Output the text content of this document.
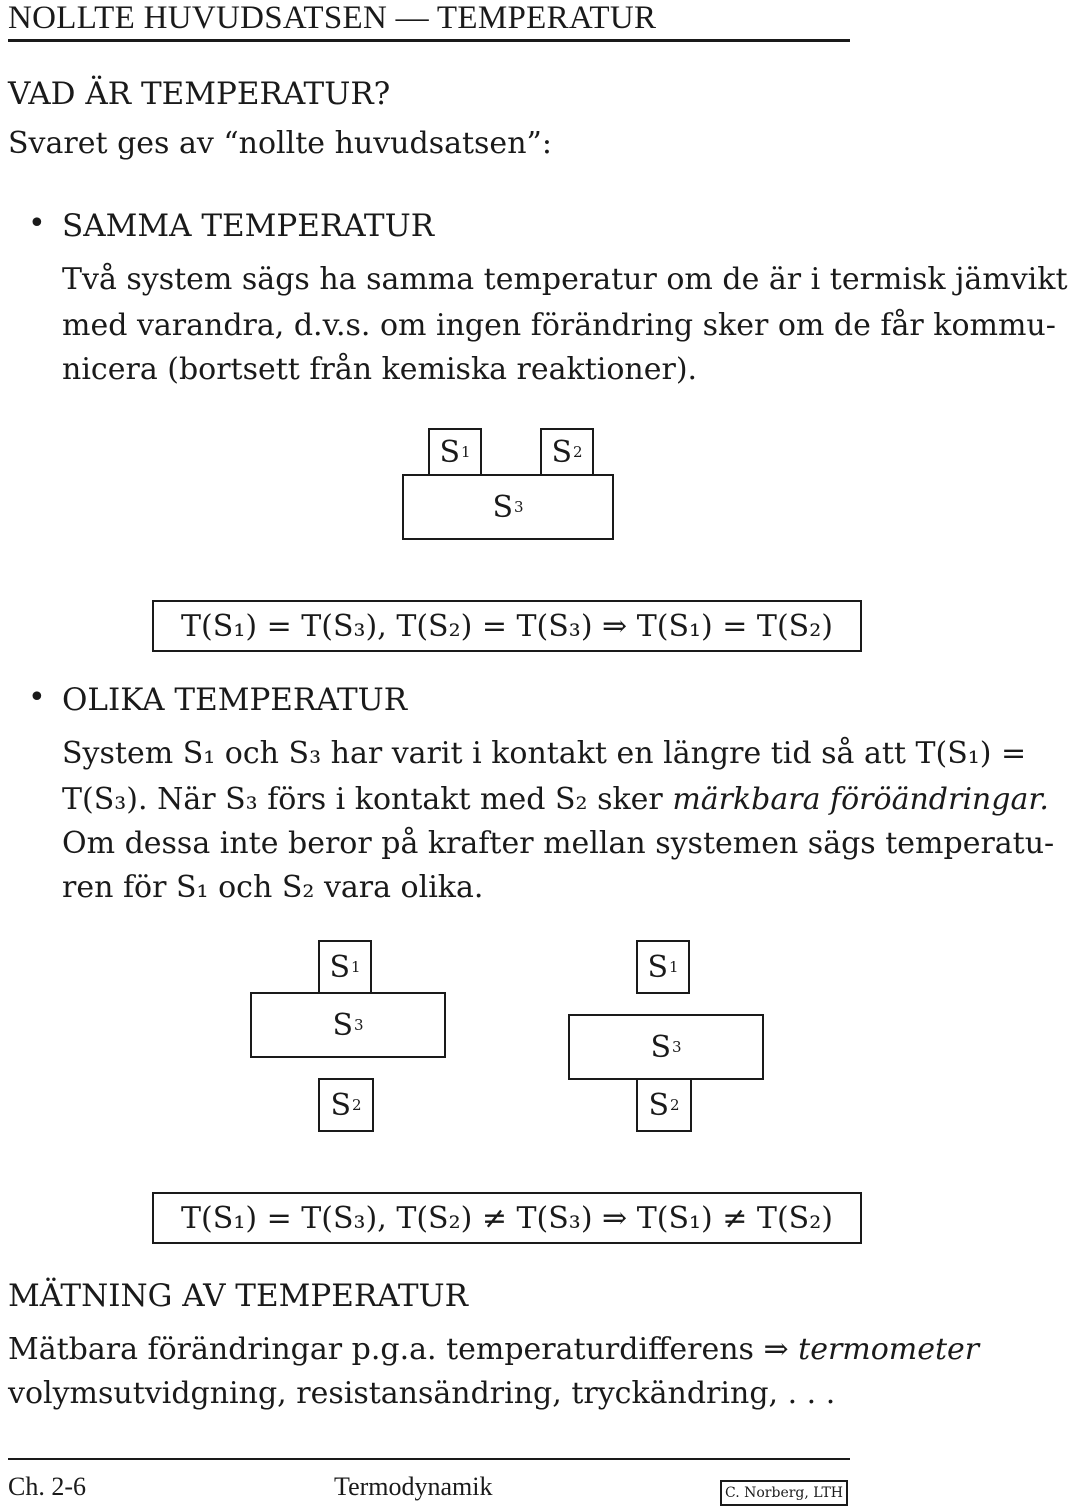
NOLLTE HUVUDSATSEN — TEMPERATUR
VAD ÄR TEMPERATUR?
Svaret ges av “nollte huvudsatsen”:
• SAMMA TEMPERATUR
Två system sägs ha samma temperatur om de är i termisk jämvikt
med varandra, d.v.s. om ingen förändring sker om de får kommu-
nicera (bortsett från kemiska reaktioner).
S 3
S 1	S 2
T(S₁) = T(S₃), T(S₂) = T(S₃) ⇒ T(S₁) = T(S₂)
• OLIKA TEMPERATUR
System S₁ och S₃ har varit i kontakt en längre tid så att T(S₁) =
T(S₃). När S₃ förs i kontakt med S₂ sker märkbara föröändringar.
Om dessa inte beror på krafter mellan systemen sägs temperatu-
ren för S₁ och S₂ vara olika.
S 1
S 3
S 2
S 1
S 3
S 2
T(S₁) = T(S₃), T(S₂) ≠ T(S₃) ⇒ T(S₁) ≠ T(S₂)
MÄTNING AV TEMPERATUR
Mätbara förändringar p.g.a. temperaturdifferens ⇒ termometer
volymsutvidgning, resistansändring, tryckändring, . . .
Ch. 2-6	Termodynamik	C. Norberg, LTH
